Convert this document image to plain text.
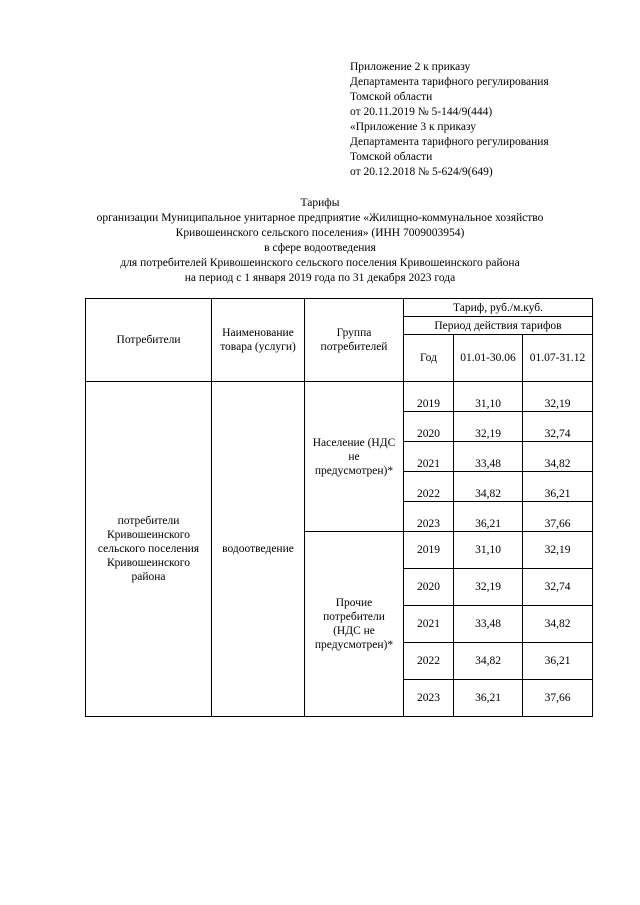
Приложение 2 к приказу
Департамента тарифного регулирования
Томской области
от 20.11.2019 № 5-144/9(444)
«Приложение 3 к приказу
Департамента тарифного регулирования
Томской области
от 20.12.2018 № 5-624/9(649)
Тарифы
организации Муниципальное унитарное предприятие «Жилищно-коммунальное хозяйство
Кривошеинского сельского поселения» (ИНН 7009003954)
в сфере водоотведения
для потребителей Кривошеинского сельского поселения Кривошеинского района
на период с 1 января 2019 года по 31 декабря 2023 года
Потребители	Наименование товара (услуги)	Группа потребителей	Тариф, руб./м.куб.		
			Период действия тарифов		
			Год	01.01-30.06	01.07-31.12
потребители Кривошеинского сельского поселения Кривошеинского района	водоотведение	Население (НДС не предусмотрен)*	2019	31,10	32,19
			2020	32,19	32,74
			2021	33,48	34,82
			2022	34,82	36,21
			2023	36,21	37,66
		Прочие потребители (НДС не предусмотрен)*	2019	31,10	32,19
			2020	32,19	32,74
			2021	33,48	34,82
			2022	34,82	36,21
			2023	36,21	37,66
